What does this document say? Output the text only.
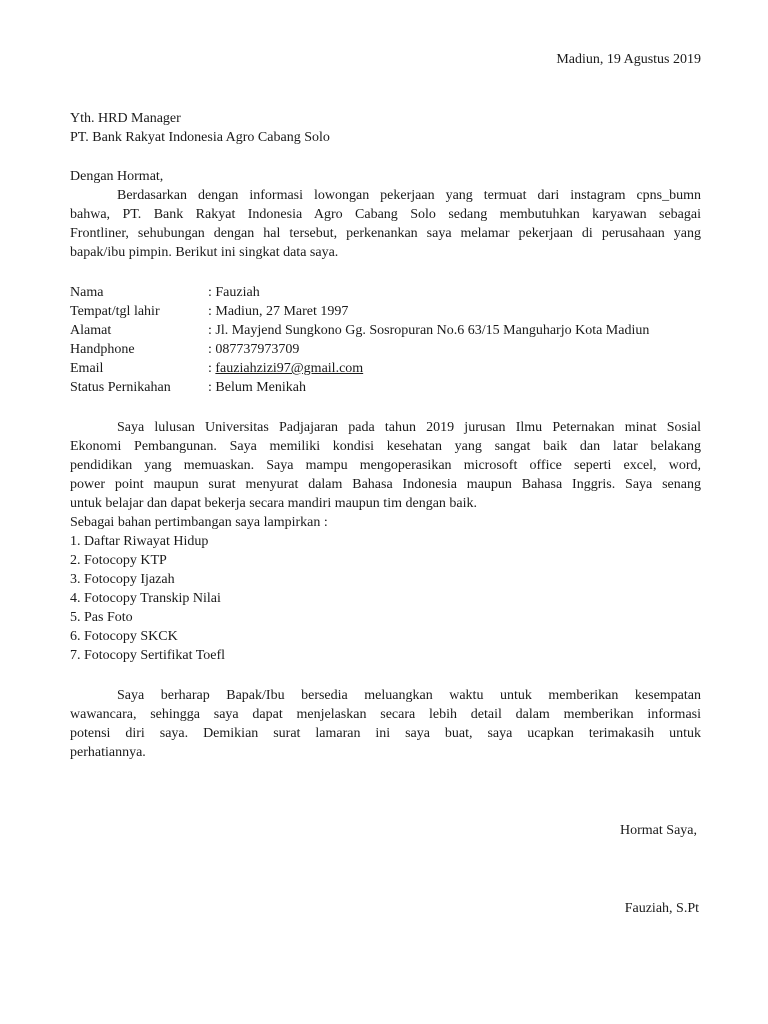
Madiun, 19 Agustus 2019
Yth. HRD Manager
PT. Bank Rakyat Indonesia Agro Cabang Solo
Dengan Hormat,
Berdasarkan dengan informasi lowongan pekerjaan yang termuat dari instagram cpns_bumn
bahwa, PT. Bank Rakyat Indonesia Agro Cabang Solo sedang membutuhkan karyawan sebagai
Frontliner, sehubungan dengan hal tersebut, perkenankan saya melamar pekerjaan di perusahaan yang
bapak/ibu pimpin. Berikut ini singkat data saya.
Nama	: Fauziah
Tempat/tgl lahir	: Madiun, 27 Maret 1997
Alamat	: Jl. Mayjend Sungkono Gg. Sosropuran No.6 63/15 Manguharjo Kota Madiun
Handphone	: 087737973709
Email	: fauziahzizi97@gmail.com
Status Pernikahan	: Belum Menikah
Saya lulusan Universitas Padjajaran pada tahun 2019 jurusan Ilmu Peternakan minat Sosial
Ekonomi Pembangunan. Saya memiliki kondisi kesehatan yang sangat baik dan latar belakang
pendidikan yang memuaskan. Saya mampu mengoperasikan microsoft office seperti excel, word,
power point maupun surat menyurat dalam Bahasa Indonesia maupun Bahasa Inggris. Saya senang
untuk belajar dan dapat bekerja secara mandiri maupun tim dengan baik.
Sebagai bahan pertimbangan saya lampirkan :
1. Daftar Riwayat Hidup
2. Fotocopy KTP
3. Fotocopy Ijazah
4. Fotocopy Transkip Nilai
5. Pas Foto
6. Fotocopy SKCK
7. Fotocopy Sertifikat Toefl
Saya berharap Bapak/Ibu bersedia meluangkan waktu untuk memberikan kesempatan
wawancara, sehingga saya dapat menjelaskan secara lebih detail dalam memberikan informasi
potensi diri saya. Demikian surat lamaran ini saya buat, saya ucapkan terimakasih untuk
perhatiannya.
Hormat Saya,
Fauziah, S.Pt
